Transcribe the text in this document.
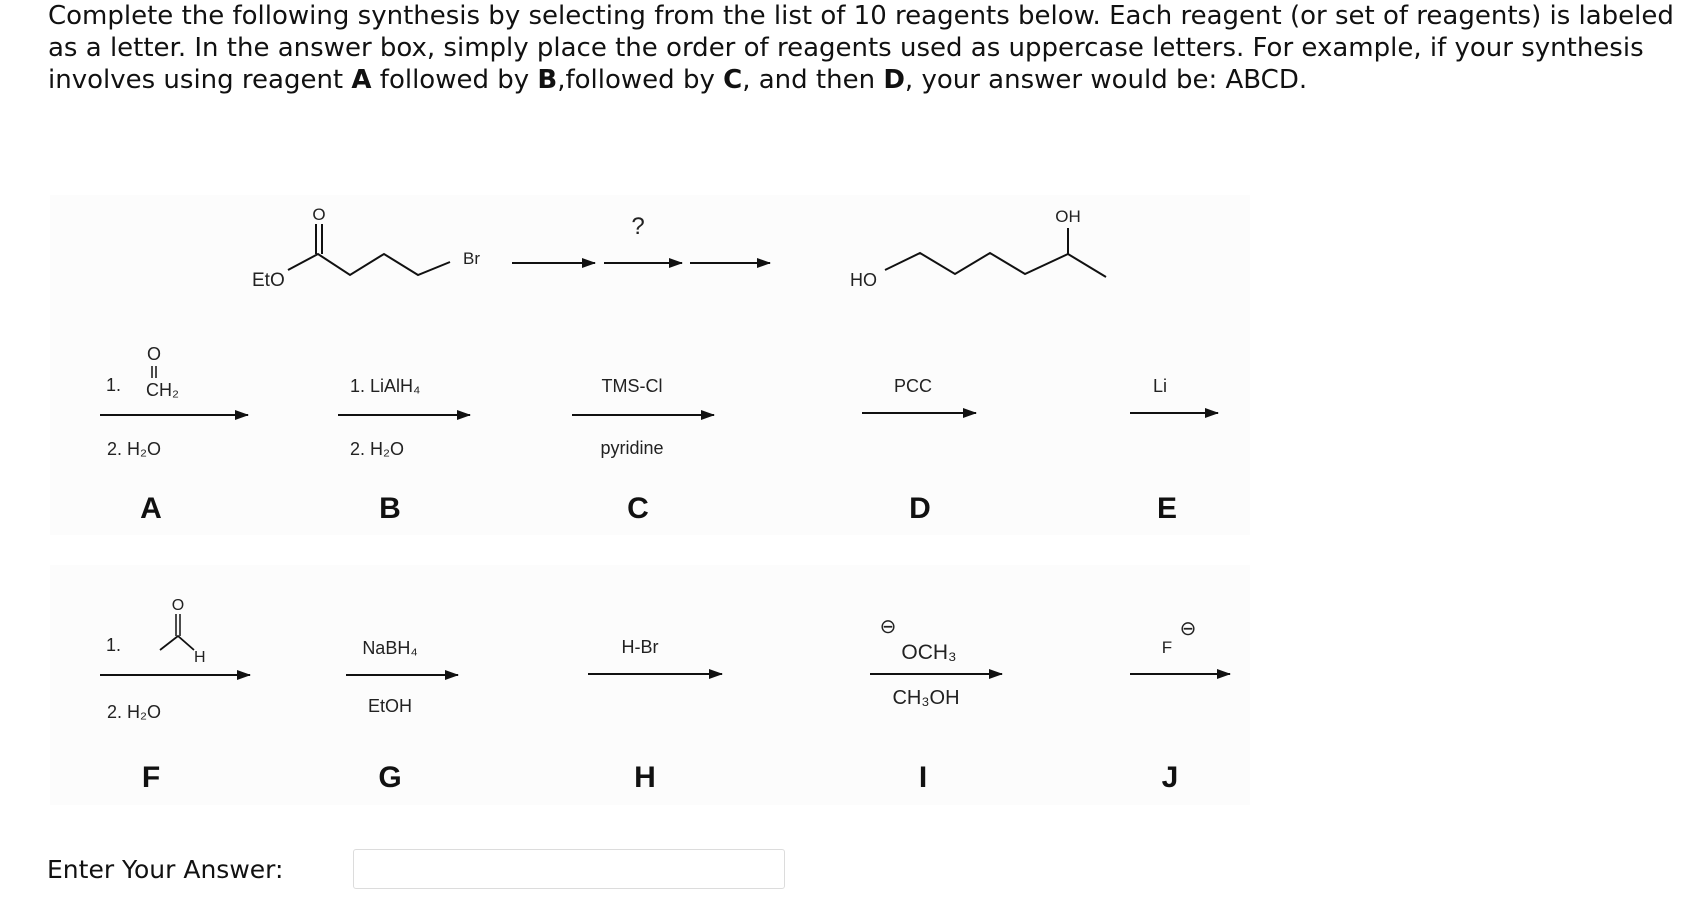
Complete the following synthesis by selecting from the list of 10 reagents below. Each reagent (or set of reagents) is labeled as a letter. In the answer box, simply place the order of reagents used as uppercase letters. For example, if your synthesis involves using reagent A followed by B,followed by C, and then D, your answer would be: ABCD.
O
EtO
Br
?	OH
HO
1.
O
CH₂
2. H₂O
A
1. LiAlH₄
2. H₂O
B
TMS-Cl
pyridine
C
PCC
D
Li
E
1.
O
H
2. H₂O
F
NaBH₄
EtOH
G
H-Br
H
⊖
OCH₃
CH₃OH
I
F
⊖
J
Enter Your Answer:
